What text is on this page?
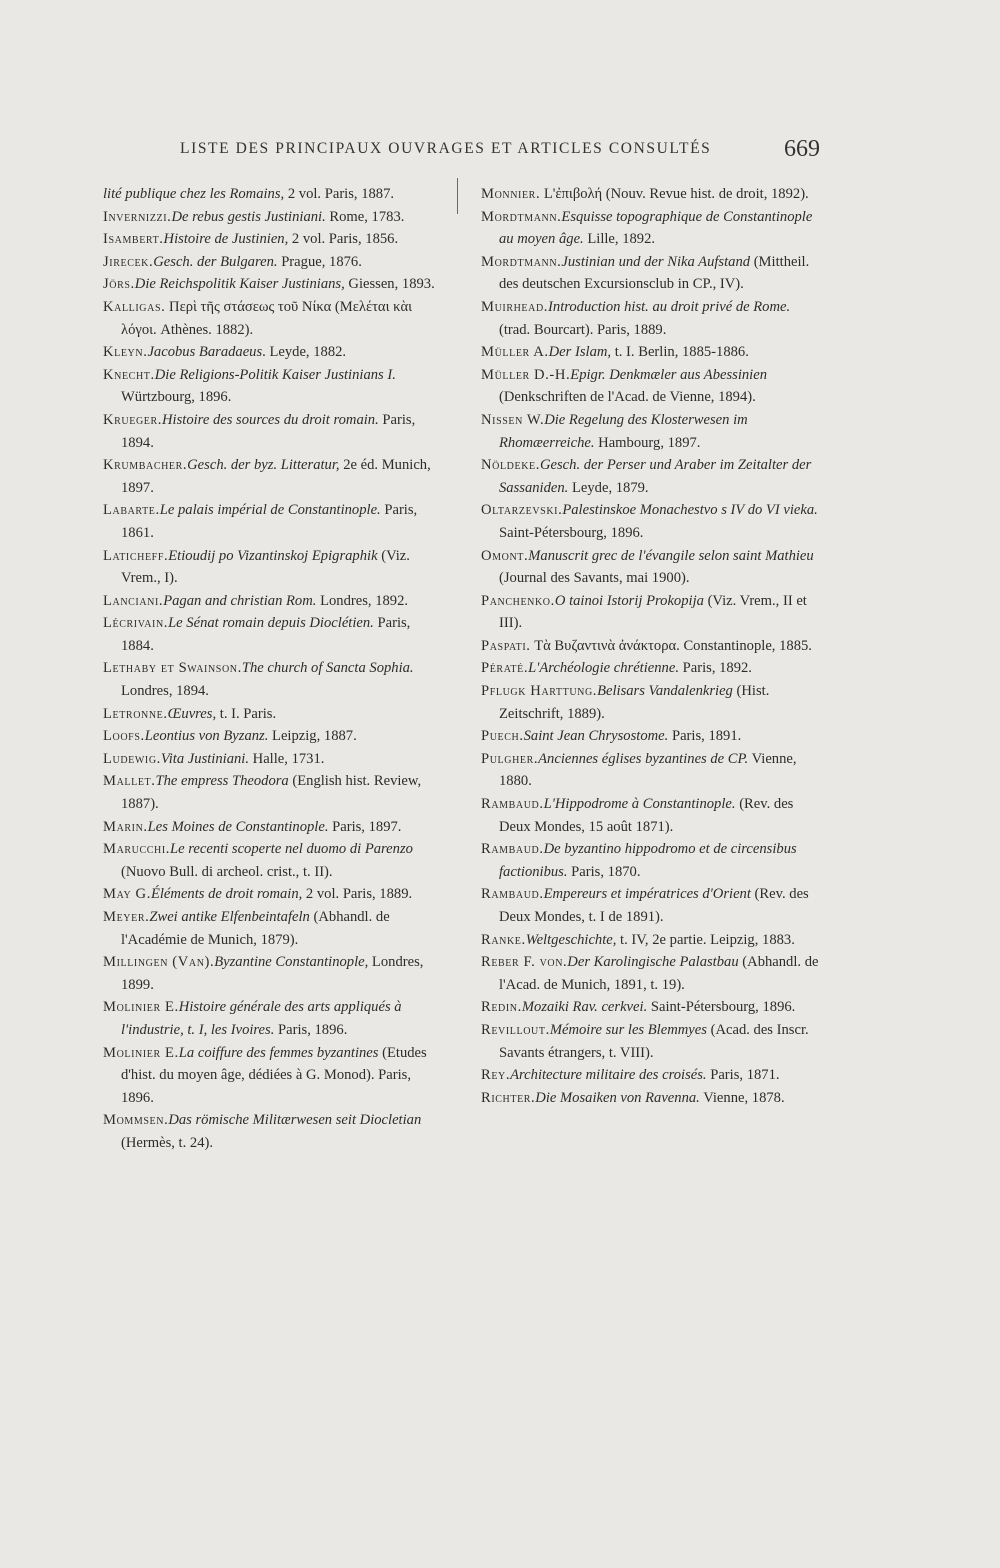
LISTE DES PRINCIPAUX OUVRAGES ET ARTICLES CONSULTÉS	669
lité publique chez les Romains, 2 vol. Paris, 1887.
Invernizzi.De rebus gestis Justiniani. Rome, 1783.
Isambert.Histoire de Justinien, 2 vol. Paris, 1856.
Jirecek.Gesch. der Bulgaren. Prague, 1876.
Jörs.Die Reichspolitik Kaiser Justinians, Giessen, 1893.
Kalligas. Περὶ τῆς στάσεως τοῦ Νίκα (Μελέται κὰι λόγοι. Athènes. 1882).
Kleyn.Jacobus Baradaeus. Leyde, 1882.
Knecht.Die Religions-Politik Kaiser Justinians I. Würtzbourg, 1896.
Krueger.Histoire des sources du droit romain. Paris, 1894.
Krumbacher.Gesch. der byz. Litteratur, 2e éd. Munich, 1897.
Labarte.Le palais impérial de Constantinople. Paris, 1861.
Laticheff.Etioudij po Vizantinskoj Epigraphik (Viz. Vrem., I).
Lanciani.Pagan and christian Rom. Londres, 1892.
Lécrivain.Le Sénat romain depuis Dioclétien. Paris, 1884.
Lethaby et Swainson.The church of Sancta Sophia. Londres, 1894.
Letronne.Œuvres, t. I. Paris.
Loofs.Leontius von Byzanz. Leipzig, 1887.
Ludewig.Vita Justiniani. Halle, 1731.
Mallet.The empress Theodora (English hist. Review, 1887).
Marin.Les Moines de Constantinople. Paris, 1897.
Marucchi.Le recenti scoperte nel duomo di Parenzo (Nuovo Bull. di archeol. crist., t. II).
May G.Éléments de droit romain, 2 vol. Paris, 1889.
Meyer.Zwei antike Elfenbeintafeln (Abhandl. de l'Académie de Munich, 1879).
Millingen (Van).Byzantine Constantinople, Londres, 1899.
Molinier E.Histoire générale des arts appliqués à l'industrie, t. I, les Ivoires. Paris, 1896.
Molinier E.La coiffure des femmes byzantines (Etudes d'hist. du moyen âge, dédiées à G. Monod). Paris, 1896.
Mommsen.Das römische Militærwesen seit Diocletian (Hermès, t. 24).
Monnier. L'ἐπιβολή (Nouv. Revue hist. de droit, 1892).
Mordtmann.Esquisse topographique de Constantinople au moyen âge. Lille, 1892.
Mordtmann.Justinian und der Nika Aufstand (Mittheil. des deutschen Excursionsclub in CP., IV).
Muirhead.Introduction hist. au droit privé de Rome. (trad. Bourcart). Paris, 1889.
Müller A.Der Islam, t. I. Berlin, 1885-1886.
Müller D.-H.Epigr. Denkmæler aus Abessinien (Denkschriften de l'Acad. de Vienne, 1894).
Nissen W.Die Regelung des Klosterwesen im Rhomæerreiche. Hambourg, 1897.
Nöldeke.Gesch. der Perser und Araber im Zeitalter der Sassaniden. Leyde, 1879.
Oltarzevski.Palestinskoe Monachestvo s IV do VI vieka. Saint-Pétersbourg, 1896.
Omont.Manuscrit grec de l'évangile selon saint Mathieu (Journal des Savants, mai 1900).
Panchenko.O tainoi Istorij Prokopija (Viz. Vrem., II et III).
Paspati. Τὰ Βυζαντινὰ ἀνάκτορα. Constantinople, 1885.
Pératé.L'Archéologie chrétienne. Paris, 1892.
Pflugk Harttung.Belisars Vandalenkrieg (Hist. Zeitschrift, 1889).
Puech.Saint Jean Chrysostome. Paris, 1891.
Pulgher.Anciennes églises byzantines de CP. Vienne, 1880.
Rambaud.L'Hippodrome à Constantinople. (Rev. des Deux Mondes, 15 août 1871).
Rambaud.De byzantino hippodromo et de circensibus factionibus. Paris, 1870.
Rambaud.Empereurs et impératrices d'Orient (Rev. des Deux Mondes, t. I de 1891).
Ranke.Weltgeschichte, t. IV, 2e partie. Leipzig, 1883.
Reber F. von.Der Karolingische Palastbau (Abhandl. de l'Acad. de Munich, 1891, t. 19).
Redin.Mozaiki Rav. cerkvei. Saint-Pétersbourg, 1896.
Revillout.Mémoire sur les Blemmyes (Acad. des Inscr. Savants étrangers, t. VIII).
Rey.Architecture militaire des croisés. Paris, 1871.
Richter.Die Mosaiken von Ravenna. Vienne, 1878.
